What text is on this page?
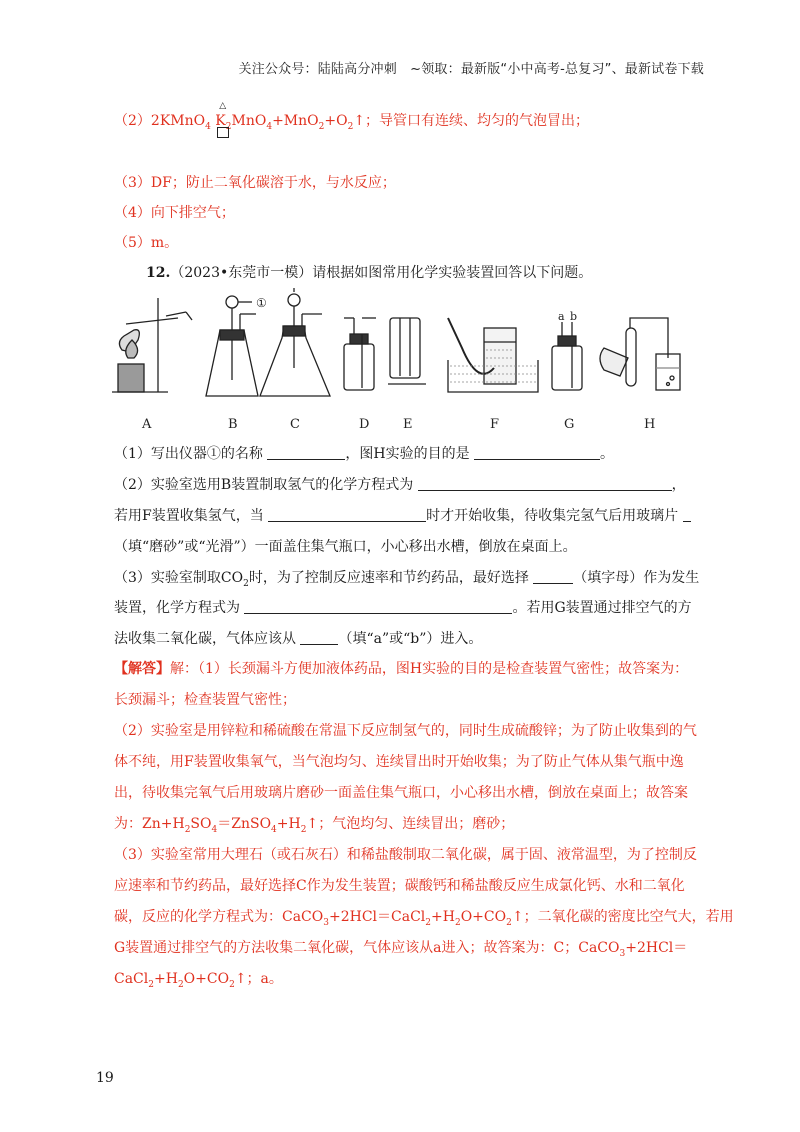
关注公众号：陆陆高分冲刺　~领取：最新版“小中高考-总复习”、最新试卷下载
（2）2KMnO$_4$
△
$K_2MnO_4+MnO_2+O_2↑$；导管口有连续、均匀的气泡冒出；
（3）DF；防止二氧化碳溶于水，与水反应；
（4）向下排空气；
（5）m。
12.（2023•东莞市一模）请根据如图常用化学实验装置回答以下问题。
A	B	C	D	E	F	G	H
①
a b
（1）写出仪器①的名称	，图H实验的目的是	。
（2）实验室选用B装置制取氢气的化学方程式为	，
若用F装置收集氢气，当	时才开始收集，待收集完氢气后用玻璃片
（填“磨砂”或“光滑”）一面盖住集气瓶口，小心移出水槽，倒放在桌面上。
（3）实验室制取$CO_2$时，为了控制反应速率和节约药品，最好选择	（填字母）作为发生
装置，化学方程式为	。若用G装置通过排空气的方
法收集二氧化碳，气体应该从	（填“a”或“b”）进入。
【解答】解：（1）长颈漏斗方便加液体药品，图H实验的目的是检查装置气密性；故答案为：
长颈漏斗；检查装置气密性；
（2）实验室是用锌粒和稀硫酸在常温下反应制氢气的，同时生成硫酸锌；为了防止收集到的气
体不纯，用F装置收集氧气，当气泡均匀、连续冒出时开始收集；为了防止气体从集气瓶中逸
出，待收集完氧气后用玻璃片磨砂一面盖住集气瓶口，小心移出水槽，倒放在桌面上；故答案
为：$Zn+H_2SO_4=ZnSO_4+H_2↑$；气泡均匀、连续冒出；磨砂；
（3）实验室常用大理石（或石灰石）和稀盐酸制取二氧化碳，属于固、液常温型，为了控制反
应速率和节约药品，最好选择C作为发生装置；碳酸钙和稀盐酸反应生成氯化钙、水和二氧化
碳，反应的化学方程式为：$CaCO_3+2HCl=CaCl_2+H_2O+CO_2↑$；二氧化碳的密度比空气大，若用
G装置通过排空气的方法收集二氧化碳，气体应该从a进入；故答案为：C；CaCO$_3$+2HCl＝
$CaCl_2+H_2O+CO_2↑$；a。
19
